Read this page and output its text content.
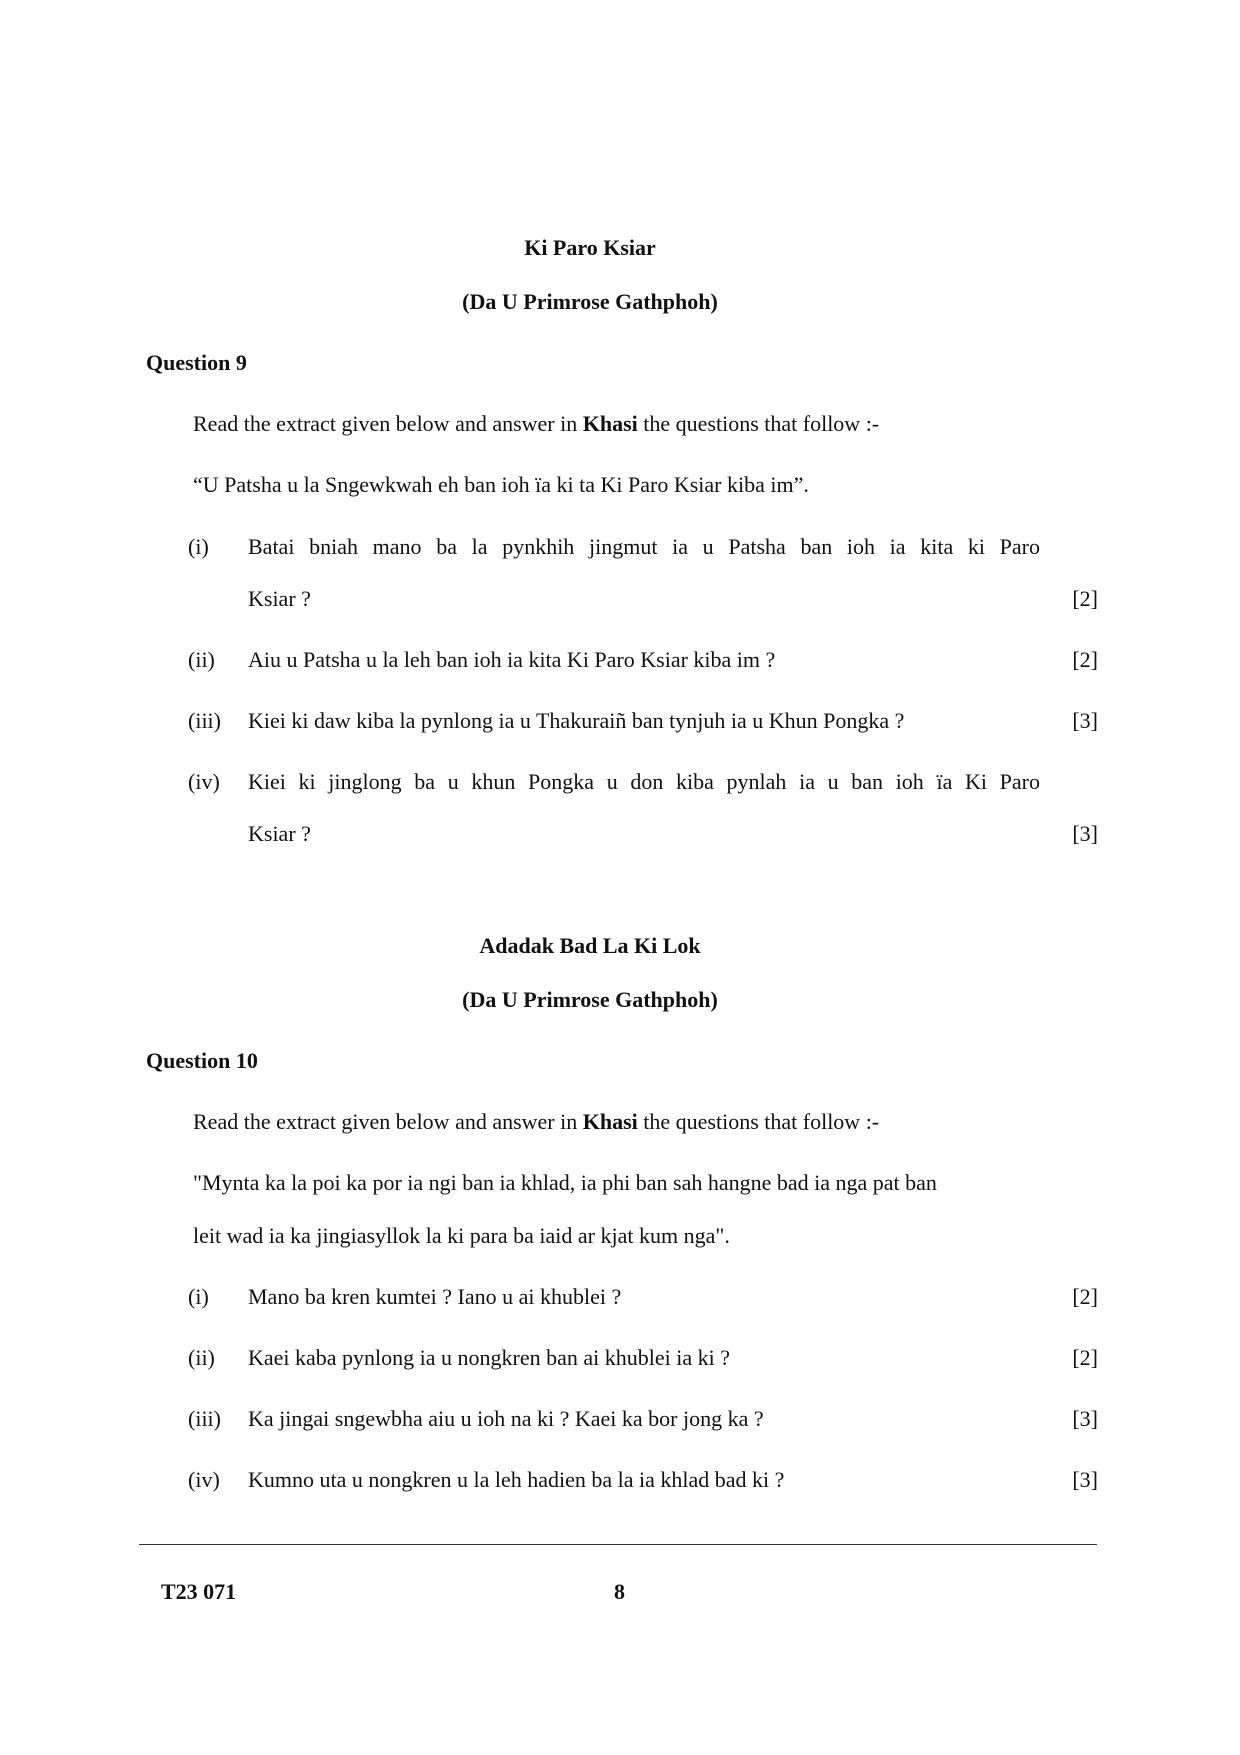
Ki Paro Ksiar
(Da U Primrose Gathphoh)
Question 9
Read the extract given below and answer in Khasi the questions that follow :-
“U Patsha u la Sngewkwah eh ban ioh ïa ki ta Ki Paro Ksiar kiba im”.
(i) Batai bniah mano ba la pynkhih jingmut ia u Patsha ban ioh ia kita ki Paro
Ksiar ?	[2]
(ii) Aiu u Patsha u la leh ban ioh ia kita Ki Paro Ksiar kiba im ?	[2]
(iii) Kiei ki daw kiba la pynlong ia u Thakuraiñ ban tynjuh ia u Khun Pongka ?	[3]
(iv) Kiei ki jinglong ba u khun Pongka u don kiba pynlah ia u ban ioh ïa Ki Paro
Ksiar ?	[3]
Adadak Bad La Ki Lok
(Da U Primrose Gathphoh)
Question 10
Read the extract given below and answer in Khasi the questions that follow :-
"Mynta ka la poi ka por ia ngi ban ia khlad, ia phi ban sah hangne bad ia nga pat ban
leit wad ia ka jingiasyllok la ki para ba iaid ar kjat kum nga".
(i) Mano ba kren kumtei ? Iano u ai khublei ?	[2]
(ii) Kaei kaba pynlong ia u nongkren ban ai khublei ia ki ?	[2]
(iii) Ka jingai sngewbha aiu u ioh na ki ? Kaei ka bor jong ka ?	[3]
(iv) Kumno uta u nongkren u la leh hadien ba la ia khlad bad ki ?	[3]
T23 071	8
